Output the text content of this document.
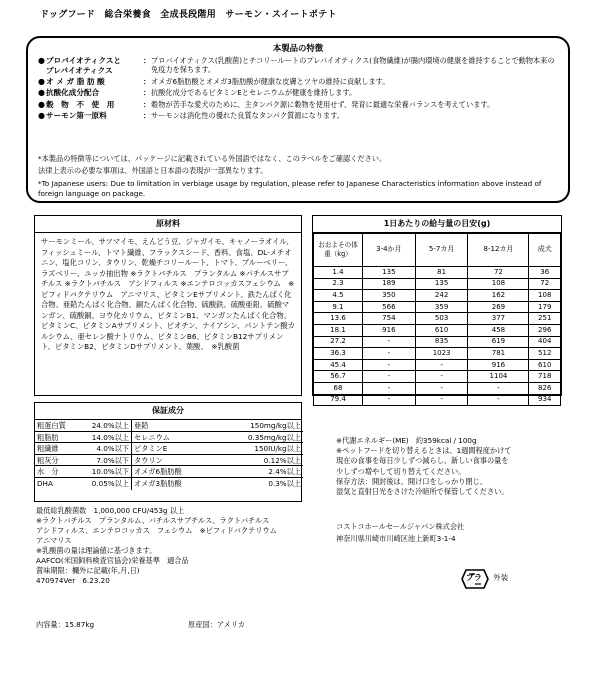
ドッグフード　総合栄養食　全成長段階用　サーモン・スイートポテト
本製品の特徴
● プロバイオティクスと
プレバイオティクス
： プロバイオティクス(乳酸菌)とチコリールートのプレバイオティクス(食物繊維)が腸内環境の健康を維持することで動物本来の免疫力を保ちます。
● オ メ ガ 脂 肪 酸	： オメガ6脂肪酸とオメガ3脂肪酸が健康な皮膚とツヤの維持に貢献します。
● 抗酸化成分配合	： 抗酸化成分であるビタミンEとセレニウムが健康を維持します。
● 穀　物　不　使　用	： 穀物が苦手な愛犬のために、主タンパク源に穀物を使用せず、発育に最適な栄養バランスを考えています。
● サーモン第一原料	： サーモンは消化性の優れた良質なタンパク質源になります。
*本製品の特徴等については、パッケージに記載されている外国語ではなく、このラベルをご確認ください。
法律上表示の必要な事項は、外国語と日本語の表現が一部異なります。
*To Japanese users: Due to limitation in verbiage usage by regulation, please refer to Japanese Characteristics information above instead of foreign language on package.
原材料
サーモンミール、サツマイモ、えんどう豆、ジャガイモ、キャノーラオイル、フィッシュミール、トマト繊維、フラックスシード、香料、食塩、DL-メチオニン、塩化コリン、タウリン、乾燥チコリールート、トマト、ブルーベリー、ラズベリー、ユッカ抽出物 ※ラクトバチルス　プランタルム ※パチルスサブチルス ※ラクトバチルス　アシドフィルス ※エンテロコッカスフェシウム　※ビフィドバクテリウム　アニマリス、ビタミンEサプリメント、鉄たんぱく化合物、亜鉛たんぱく化合物、銅たんぱく化合物、硫酸鉄、硫酸亜鉛、硫酸マンガン、硫酸銅、ヨウ化カリウム、ビタミンB1、マンガンたんぱく化合物、ビタミンC、ビタミンAサプリメント、ビオチン、ナイアシン、パントテン酸カルシウム、亜セレン酸ナトリウム、ビタミンB6、ビタミンB12サプリメント、ビタミンB2、ビタミンDサプリメント、葉酸、　※乳酸菌
保証成分
粗蛋白質	24.0%以上 亜鉛	150mg/kg以上
粗脂肪	14.0%以上 セレニウム	0.35mg/kg以上
粗繊維	4.0%以下 ビタミンE	150IU/kg以上
粗灰分	7.0%以下 タウリン	0.12%以上
水　分	10.0%以下 オメガ6脂肪酸	2.4%以上
DHA	0.05%以上 オメガ3脂肪酸	0.3%以上
最低総乳酸菌数　1,000,000 CFU/453g 以上
※ラクトバチルス　プランタルム、バチルスサブチルス、ラクトバチルス
アシドフィルス、エンテロコッカス　フェシウム　※ビフィドバクテリウム
アニマリス
※乳酸菌の量は理論値に基づきます。
AAFCO(米国飼料検査官協会)栄養基準　適合品
賞味期限：欄外に記載(年,月,日)
470974Ver　6.23.20
内容量：15.87kg	原産国：アメリカ
1日あたりの給与量の目安(g)
おおよその体重（kg）	3-4か月	5-7カ月	8-12カ月	成犬
1.4	135	81	72	36
2.3	189	135	108	72
4.5	350	242	162	108
9.1	566	359	269	179
13.6	754	503	377	251
18.1	916	610	458	296
27.2	-	835	619	404
36.3	-	1023	781	512
45.4	-	-	916	610
56.7	-	-	1104	718
68	-	-	-	826
79.4	-	-	-	934
※代謝エネルギー(ME)　約359kcal / 100g
※ペットフードを切り替えるときは、1週間程度かけて
現在の食事を毎日少しずつ減らし、新しい食事の量を
少しずつ増やして切り替えてください。
保存方法：開封後は、開け口をしっかり閉じ、
湿気と直射日光をさけた冷暗所で保管してください。
コストコホールセールジャパン株式会社
神奈川県川崎市川崎区池上新町3-1-4
プラ 外装
